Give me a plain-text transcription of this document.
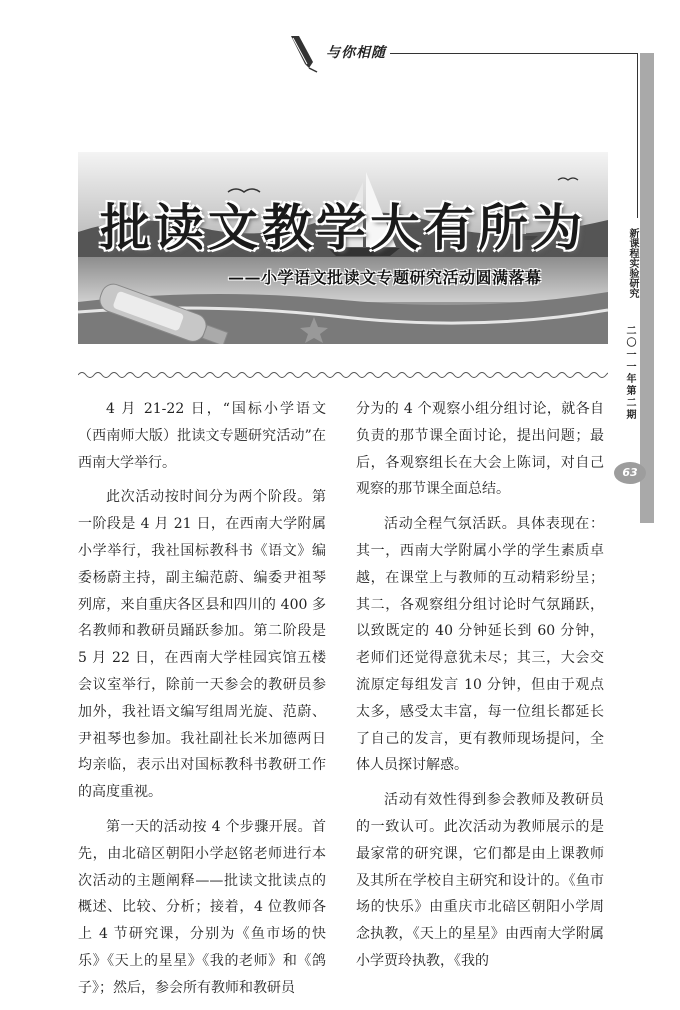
与你相随
新课程实验研究
二〇一一年第二期
63
批读文教学大有所为
——小学语文批读文专题研究活动圆满落幕

4 月 21-22 日，“国标小学语文（西南师大版）批读文专题研究活动”在西南大学举行。

此次活动按时间分为两个阶段。第一阶段是 4 月 21 日，在西南大学附属小学举行，我社国标教科书《语文》编委杨蔚主持，副主编范蔚、编委尹祖琴列席，来自重庆各区县和四川的 400 多名教师和教研员踊跃参加。第二阶段是 5 月 22 日，在西南大学桂园宾馆五楼会议室举行，除前一天参会的教研员参加外，我社语文编写组周光旋、范蔚、尹祖琴也参加。我社副社长米加德两日均亲临，表示出对国标教科书教研工作的高度重视。

第一天的活动按 4 个步骤开展。首先，由北碚区朝阳小学赵铭老师进行本次活动的主题阐释——批读文批读点的概述、比较、分析；接着，4 位教师各上 4 节研究课，分别为《鱼市场的快乐》《天上的星星》《我的老师》和《鸽子》；然后，参会所有教师和教研员

分为的 4 个观察小组分组讨论，就各自负责的那节课全面讨论，提出问题；最后，各观察组长在大会上陈词，对自己观察的那节课全面总结。

活动全程气氛活跃。具体表现在：其一，西南大学附属小学的学生素质卓越，在课堂上与教师的互动精彩纷呈；其二，各观察组分组讨论时气氛踊跃，以致既定的 40 分钟延长到 60 分钟，老师们还觉得意犹未尽；其三，大会交流原定每组发言 10 分钟，但由于观点太多，感受太丰富，每一位组长都延长了自己的发言，更有教师现场提问，全体人员探讨解惑。

活动有效性得到参会教师及教研员的一致认可。此次活动为教师展示的是最家常的研究课，它们都是由上课教师及其所在学校自主研究和设计的。《鱼市场的快乐》由重庆市北碚区朝阳小学周念执教，《天上的星星》由西南大学附属小学贾玲执教，《我的
